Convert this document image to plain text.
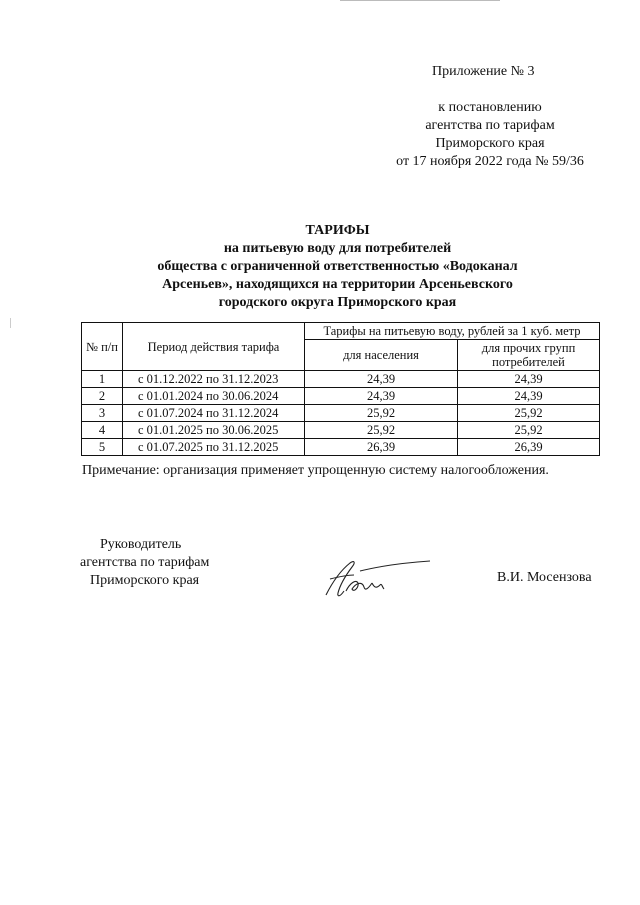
Приложение № 3
к постановлению
агентства по тарифам
Приморского края
от 17 ноября 2022 года № 59/36
ТАРИФЫ
на питьевую воду для потребителей
общества с ограниченной ответственностью «Водоканал
Арсеньев», находящихся на территории Арсеньевского
городского округа Приморского края
№ п/п	Период действия тарифа	Тарифы на питьевую воду, рублей за 1 куб. метр	
		для населения	для прочих групп потребителей
1	с 01.12.2022 по 31.12.2023	24,39	24,39
2	с 01.01.2024 по 30.06.2024	24,39	24,39
3	с 01.07.2024 по 31.12.2024	25,92	25,92
4	с 01.01.2025 по 30.06.2025	25,92	25,92
5	с 01.07.2025 по 31.12.2025	26,39	26,39
Примечание: организация применяет упрощенную систему налогообложения.
Руководитель
агентства по тарифам
Приморского края	В.И. Мосензова
